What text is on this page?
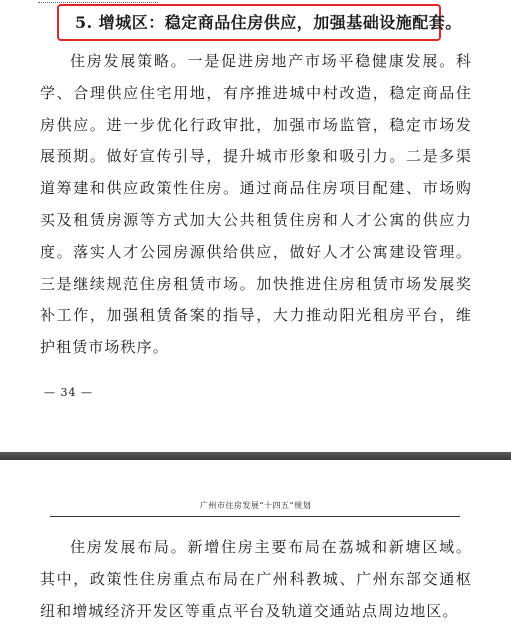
5. 增城区：稳定商品住房供应，加强基础设施配套。

住房发展策略。一是促进房地产市场平稳健康发展。科学、合理供应住宅用地，有序推进城中村改造，稳定商品住房供应。进一步优化行政审批，加强市场监管，稳定市场发展预期。做好宣传引导，提升城市形象和吸引力。二是多渠道筹建和供应政策性住房。通过商品住房项目配建、市场购买及租赁房源等方式加大公共租赁住房和人才公寓的供应力度。落实人才公园房源供给供应，做好人才公寓建设管理。三是继续规范住房租赁市场。加快推进住房租赁市场发展奖补工作，加强租赁备案的指导，大力推动阳光租房平台，维护租赁市场秩序。

— 34 —
广州市住房发展“十四五”规划

住房发展布局。新增住房主要布局在荔城和新塘区域。其中，政策性住房重点布局在广州科教城、广州东部交通枢纽和增城经济开发区等重点平台及轨道交通站点周边地区。
